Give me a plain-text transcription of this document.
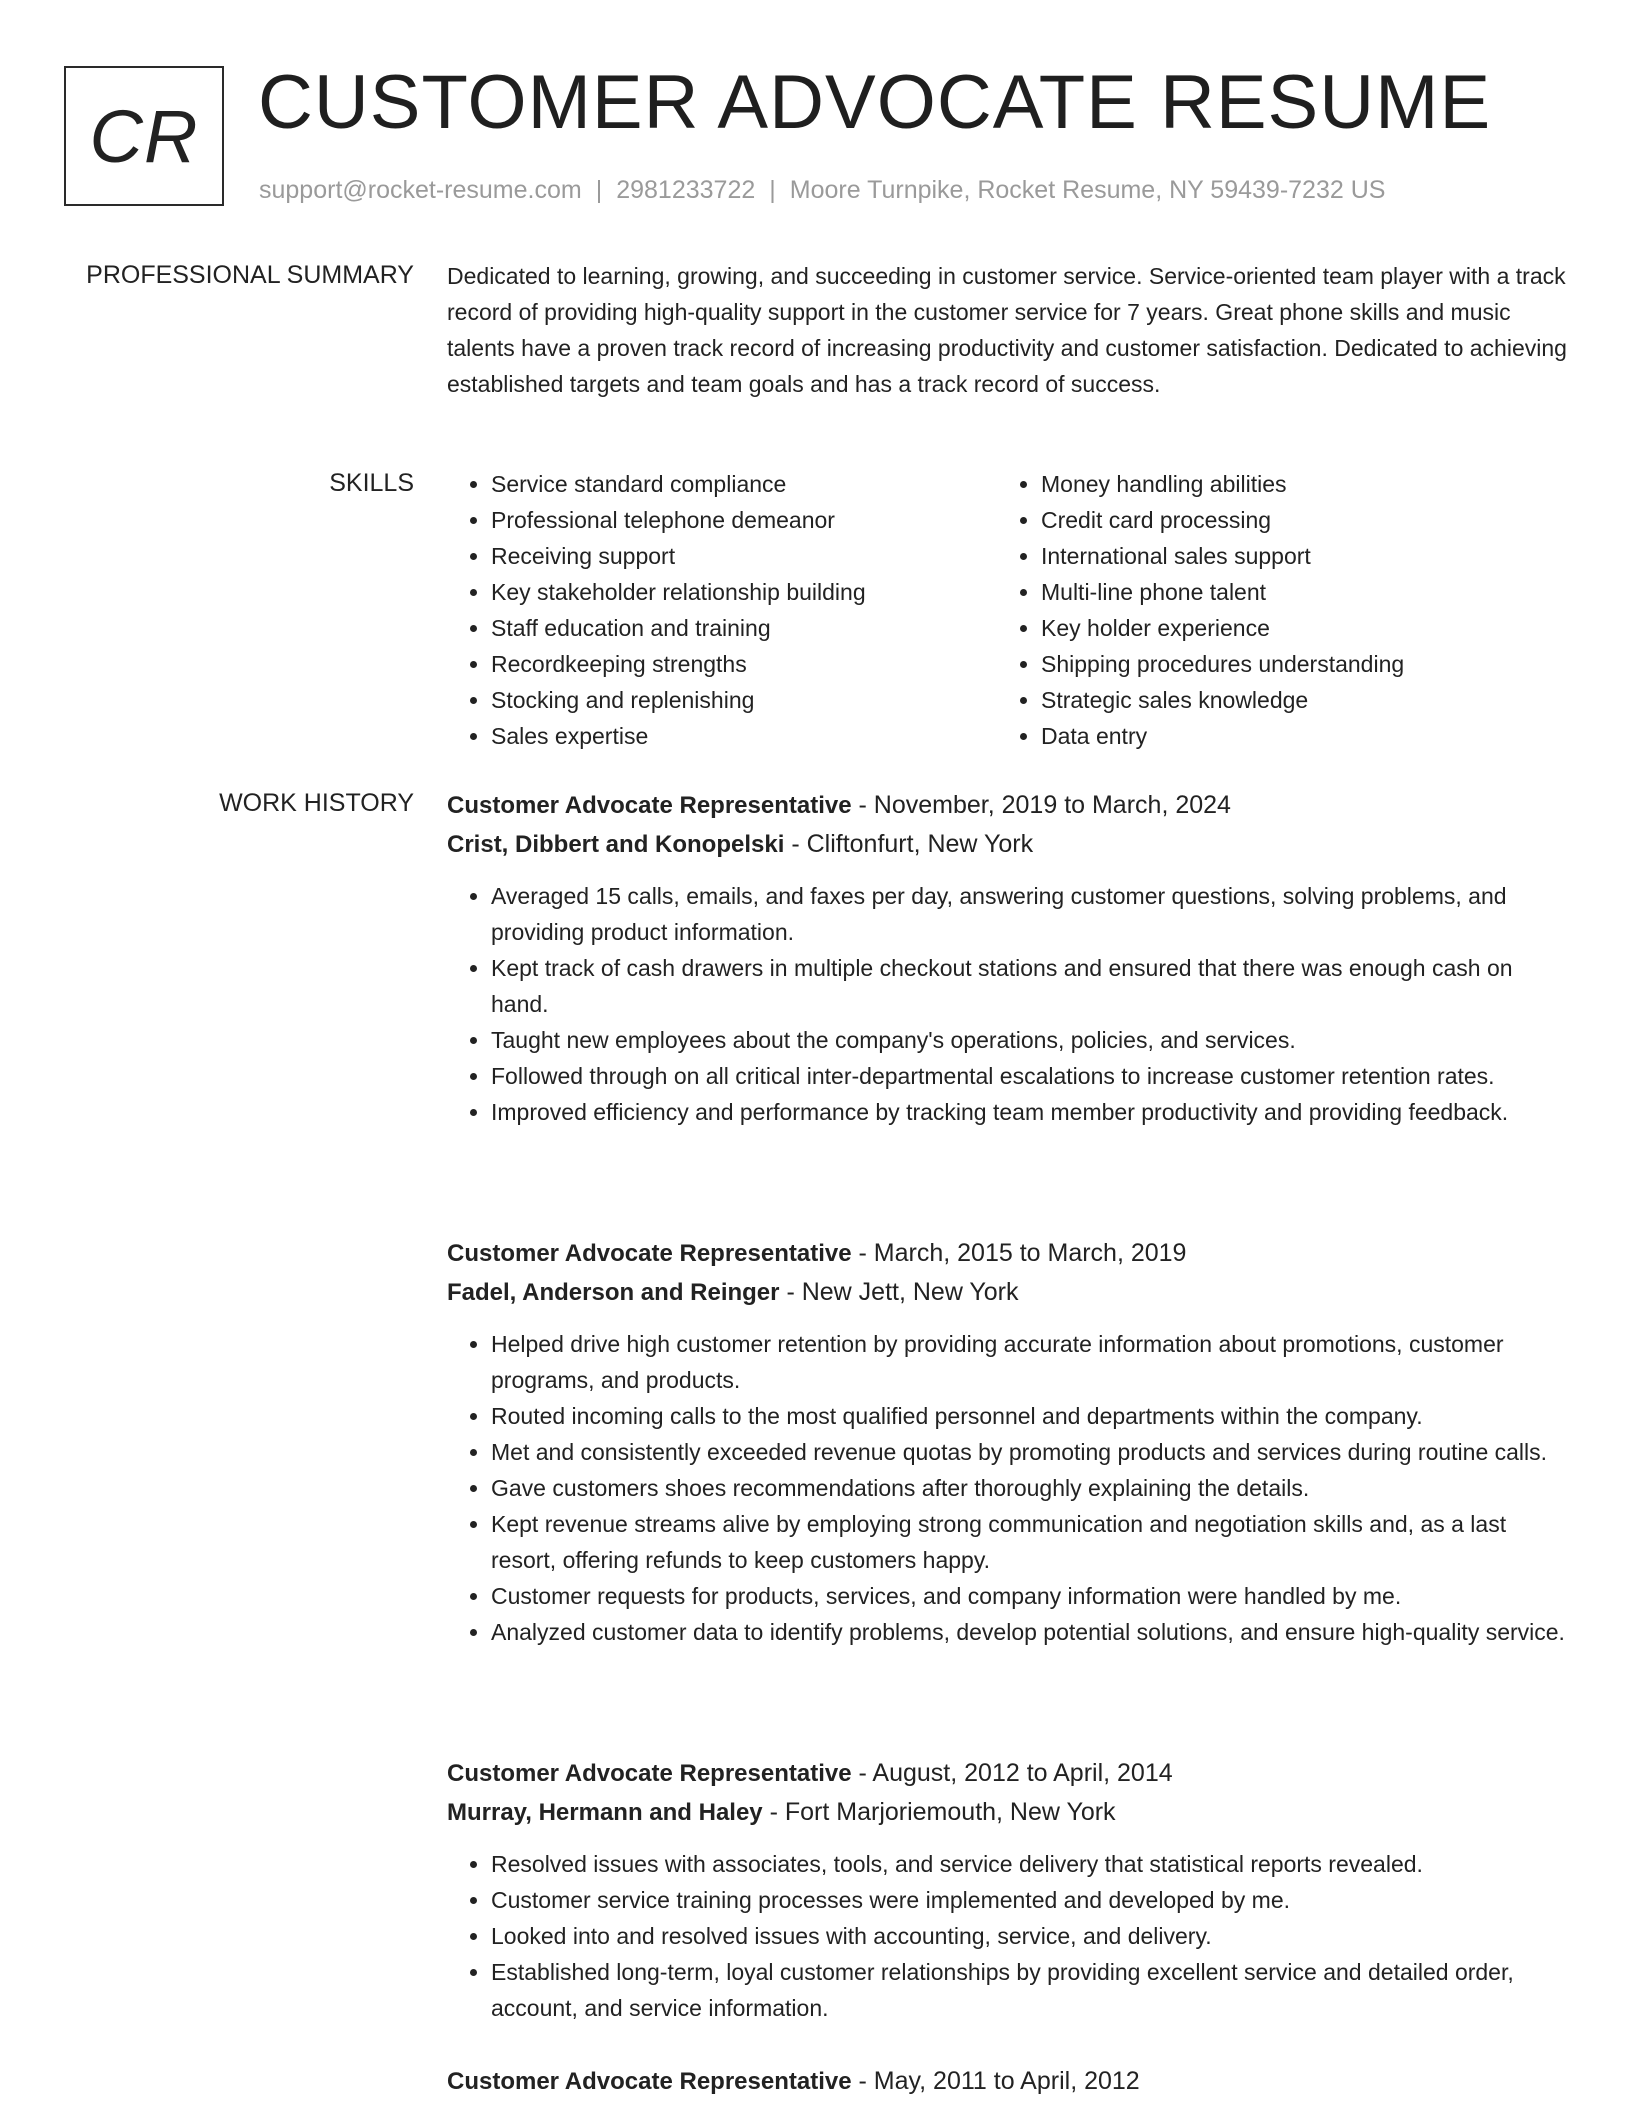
CR CUSTOMER ADVOCATE RESUME
support@rocket-resume.com | 2981233722 | Moore Turnpike, Rocket Resume, NY 59439-7232 US
PROFESSIONAL SUMMARY Dedicated to learning, growing, and succeeding in customer service. Service-oriented team player with a track record of providing high-quality support in the customer service for 7 years. Great phone skills and music talents have a proven track record of increasing productivity and customer satisfaction. Dedicated to achieving established targets and team goals and has a track record of success.

SKILLS
•	Service standard compliance
• Professional telephone demeanor
• Receiving support
• Key stakeholder relationship building
• Staff education and training
• Recordkeeping strengths
• Stocking and replenishing
• Sales expertise
• Money handling abilities
• Credit card processing
• International sales support
• Multi-line phone talent
• Key holder experience
• Shipping procedures understanding
• Strategic sales knowledge
• Data entry
WORK HISTORY Customer Advocate Representative - November, 2019 to March, 2024
Crist, Dibbert and Konopelski - Cliftonfurt, New York
• Averaged 15 calls, emails, and faxes per day, answering customer questions, solving problems, and providing product information.
• Kept track of cash drawers in multiple checkout stations and ensured that there was enough cash on hand.
• Taught new employees about the company's operations, policies, and services.
• Followed through on all critical inter-departmental escalations to increase customer retention rates.
• Improved efficiency and performance by tracking team member productivity and providing feedback.
Customer Advocate Representative - March, 2015 to March, 2019
Fadel, Anderson and Reinger - New Jett, New York
• Helped drive high customer retention by providing accurate information about promotions, customer programs, and products.
• Routed incoming calls to the most qualified personnel and departments within the company.
• Met and consistently exceeded revenue quotas by promoting products and services during routine calls.
• Gave customers shoes recommendations after thoroughly explaining the details.
• Kept revenue streams alive by employing strong communication and negotiation skills and, as a last resort, offering refunds to keep customers happy.
• Customer requests for products, services, and company information were handled by me.
• Analyzed customer data to identify problems, develop potential solutions, and ensure high-quality service.
Customer Advocate Representative - August, 2012 to April, 2014
Murray, Hermann and Haley - Fort Marjoriemouth, New York
• Resolved issues with associates, tools, and service delivery that statistical reports revealed.
• Customer service training processes were implemented and developed by me.
• Looked into and resolved issues with accounting, service, and delivery.
• Established long-term, loyal customer relationships by providing excellent service and detailed order, account, and service information.
Customer Advocate Representative - May, 2011 to April, 2012
